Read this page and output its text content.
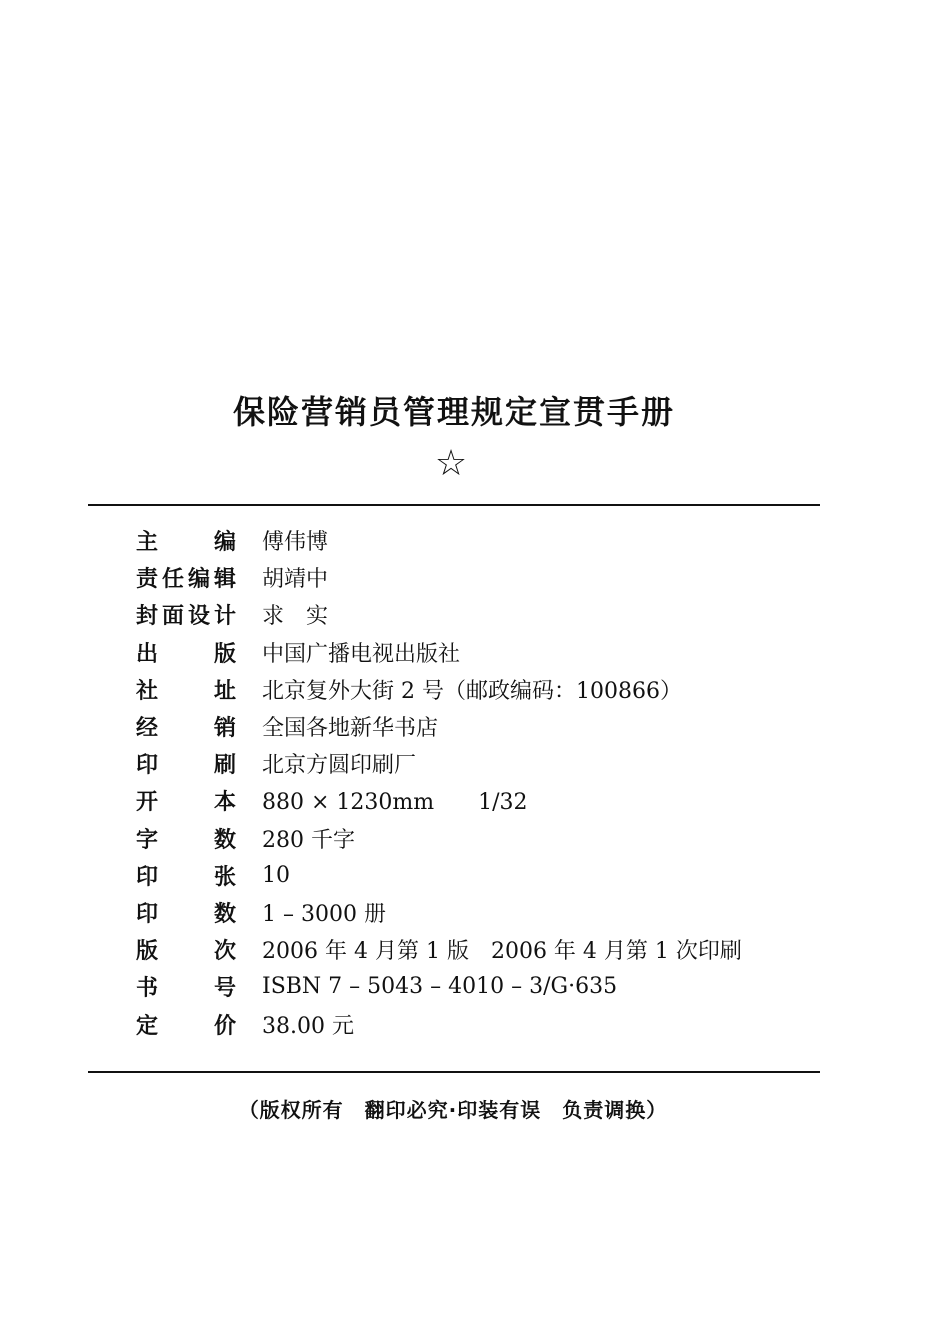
保险营销员管理规定宣贯手册
☆
主	编 傅伟博
责 任 编 辑 胡靖中
封 面 设 计 求　实
出	版 中国广播电视出版社
社	址 北京复外大街 2 号（邮政编码：100866）
经	销 全国各地新华书店
印	刷 北京方圆印刷厂
开	本 880 × 1230mm　　1/32
字	数 280 千字
印	张 10
印	数 1 – 3000 册
版	次 2006 年 4 月第 1 版　2006 年 4 月第 1 次印刷
书	号 ISBN 7 – 5043 – 4010 – 3/G·635
定	价 38.00 元
（版权所有　翻印必究·印装有误　负责调换）
